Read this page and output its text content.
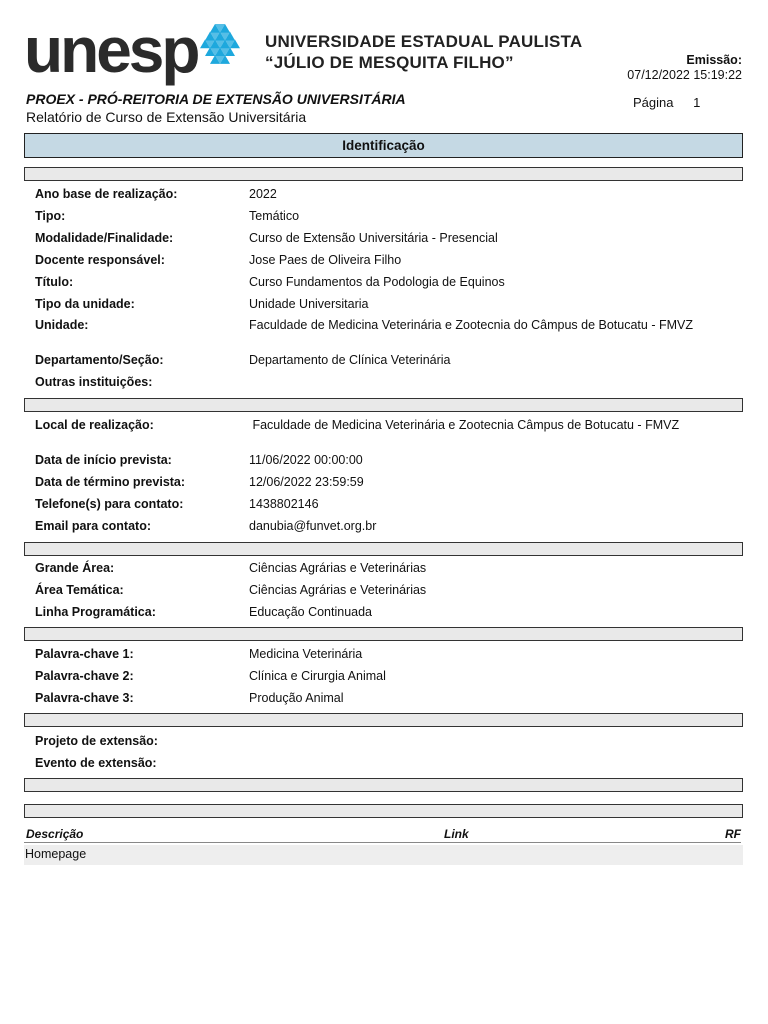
unesp	UNIVERSIDADE ESTADUAL PAULISTA
“JÚLIO DE MESQUITA FILHO”	Emissão:
07/12/2022 15:19:22
PROEX - PRÓ-REITORIA DE EXTENSÃO UNIVERSITÁRIA
Relatório de Curso de Extensão Universitária
Página 1
Identificação
Ano base de realização:	2022
Tipo:	Temático
Modalidade/Finalidade:	Curso de Extensão Universitária - Presencial
Docente responsável:	Jose Paes de Oliveira Filho
Título:	Curso Fundamentos da Podologia de Equinos
Tipo da unidade:	Unidade Universitaria
Unidade:	Faculdade de Medicina Veterinária e Zootecnia do Câmpus de Botucatu - FMVZ
Departamento/Seção:	Departamento de Clínica Veterinária
Outras instituições:
Local de realização:	Faculdade de Medicina Veterinária e Zootecnia Câmpus de Botucatu - FMVZ
Data de início prevista:	11/06/2022 00:00:00
Data de término prevista:	12/06/2022 23:59:59
Telefone(s) para contato:	1438802146
Email para contato:	danubia@funvet.org.br
Grande Área:	Ciências Agrárias e Veterinárias
Área Temática:	Ciências Agrárias e Veterinárias
Linha Programática:	Educação Continuada
Palavra-chave 1:	Medicina Veterinária
Palavra-chave 2:	Clínica e Cirurgia Animal
Palavra-chave 3:	Produção Animal
Projeto de extensão:
Evento de extensão:
Descrição	Link	RF
Homepage
